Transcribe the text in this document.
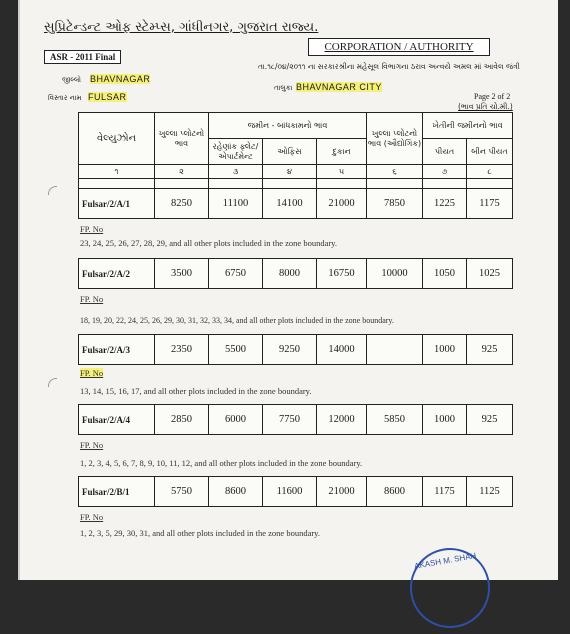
સુપ્રિટેન્ડન્ટ ઓફ સ્ટેમ્પ્સ, ગાંધીનગર, ગુજરાત રાજ્ય.
ASR - 2011 Final
CORPORATION / AUTHORITY
તા.૧૮/૦૪/૨૦૧૧ ના સરકારશ્રીના મહેસૂલ વિભાગના ઠરાવ અન્વયે અમલ માં આવેલ જંત્રી
જીલ્લો BHAVNAGAR
તાલુકા BHAVNAGAR CITY
વિસ્તાર નામ FULSAR	Page 2 of 2
(ભાવ પ્રતિ ચો.મી.)
વેલ્યુઝોન	ખુલ્લા પ્લોટનો ભાવ	જમીન - બાંધકામનો ભાવ			ખુલ્લા પ્લોટનો ભાવ (ઔદ્યોગિક)	ખેતીની જમીનનો ભાવ	
		રહેણાંક ફ્લેટ/ એપાર્ટમેન્ટ	ઓફિસ	દુકાન		પીયત	બીન પીયત
૧	૨	૩	૪	૫	૬	૭	૮

Fulsar/2/A/1	8250	11100	14100	21000	7850	1225	1175
FP. No
23, 24, 25, 26, 27, 28, 29, and all other plots included in the zone boundary.
Fulsar/2/A/2	3500	6750	8000	16750	10000	1050	1025
FP. No
18, 19, 20, 22, 24, 25, 26, 29, 30, 31, 32, 33, 34, and all other plots included in the zone boundary.
Fulsar/2/A/3	2350	5500	9250	14000		1000	925
FP. No
13, 14, 15, 16, 17, and all other plots included in the zone boundary.
Fulsar/2/A/4	2850	6000	7750	12000	5850	1000	925
FP. No
1, 2, 3, 4, 5, 6, 7, 8, 9, 10, 11, 12, and all other plots included in the zone boundary.
Fulsar/2/B/1	5750	8600	11600	21000	8600	1175	1125
FP. No
1, 2, 3, 5, 29, 30, 31, and all other plots included in the zone boundary.
AKASH M. SHAH
